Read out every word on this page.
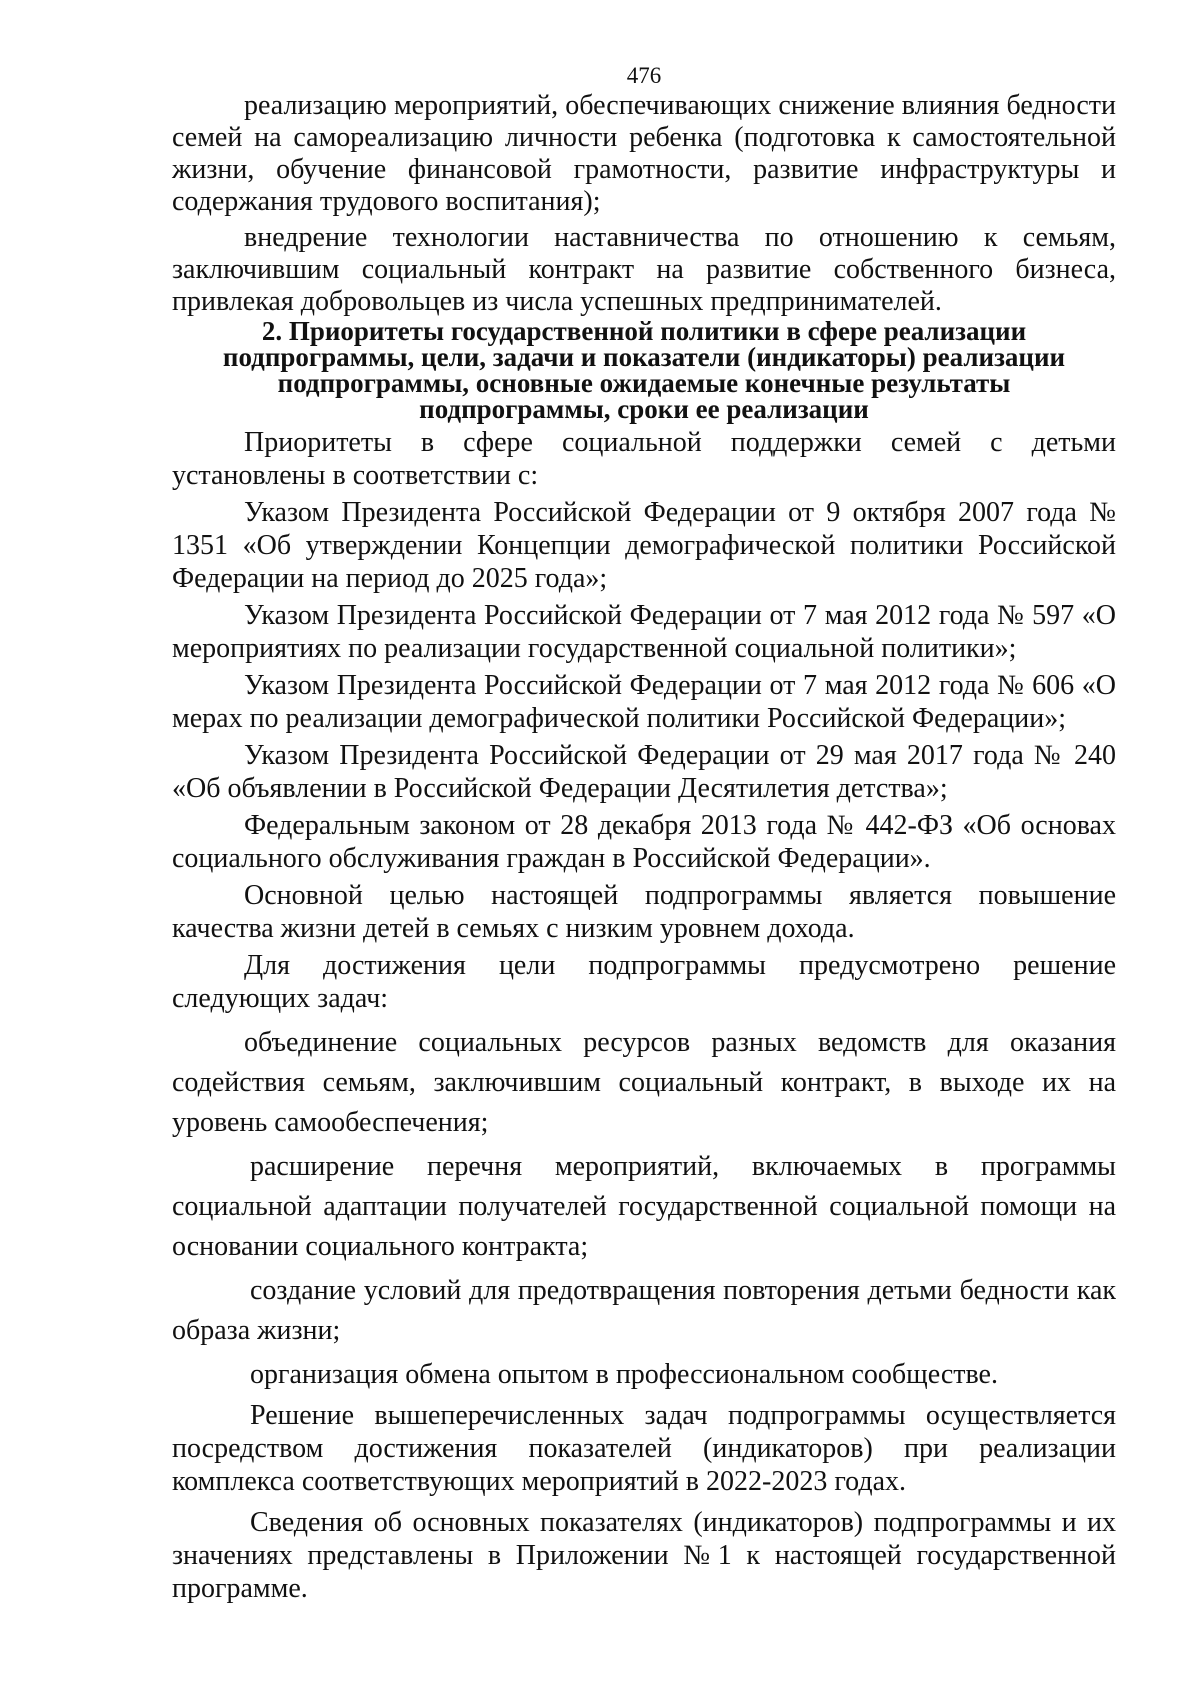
476

реализацию мероприятий, обеспечивающих снижение влияния бедности семей на самореализацию личности ребенка (подготовка к самостоятельной жизни, обучение финансовой грамотности, развитие инфраструктуры и содержания трудового воспитания);

внедрение технологии наставничества по отношению к семьям, заключившим социальный контракт на развитие собственного бизнеса, привлекая добровольцев из числа успешных предпринимателей.

2. Приоритеты государственной политики в сфере реализации подпрограммы, цели, задачи и показатели (индикаторы) реализации подпрограммы, основные ожидаемые конечные результаты подпрограммы, сроки ее реализации

Приоритеты в сфере социальной поддержки семей с детьми установлены в соответствии с:

Указом Президента Российской Федерации от 9 октября 2007 года № 1351 «Об утверждении Концепции демографической политики Российской Федерации на период до 2025 года»;

Указом Президента Российской Федерации от 7 мая 2012 года № 597 «О мероприятиях по реализации государственной социальной политики»;

Указом Президента Российской Федерации от 7 мая 2012 года № 606 «О мерах по реализации демографической политики Российской Федерации»;

Указом Президента Российской Федерации от 29 мая 2017 года № 240 «Об объявлении в Российской Федерации Десятилетия детства»;

Федеральным законом от 28 декабря 2013 года № 442-ФЗ «Об основах социального обслуживания граждан в Российской Федерации».

Основной целью настоящей подпрограммы является повышение качества жизни детей в семьях с низким уровнем дохода.

Для достижения цели подпрограммы предусмотрено решение следующих задач:

объединение социальных ресурсов разных ведомств для оказания содействия семьям, заключившим социальный контракт, в выходе их на уровень самообеспечения;

расширение перечня мероприятий, включаемых в программы социальной адаптации получателей государственной социальной помощи на основании социального контракта;

создание условий для предотвращения повторения детьми бедности как образа жизни;

организация обмена опытом в профессиональном сообществе.

Решение вышеперечисленных задач подпрограммы осуществляется посредством достижения показателей (индикаторов) при реализации комплекса соответствующих мероприятий в 2022-2023 годах.

Сведения об основных показателях (индикаторов) подпрограммы и их значениях представлены в Приложении №1 к настоящей государственной программе.
